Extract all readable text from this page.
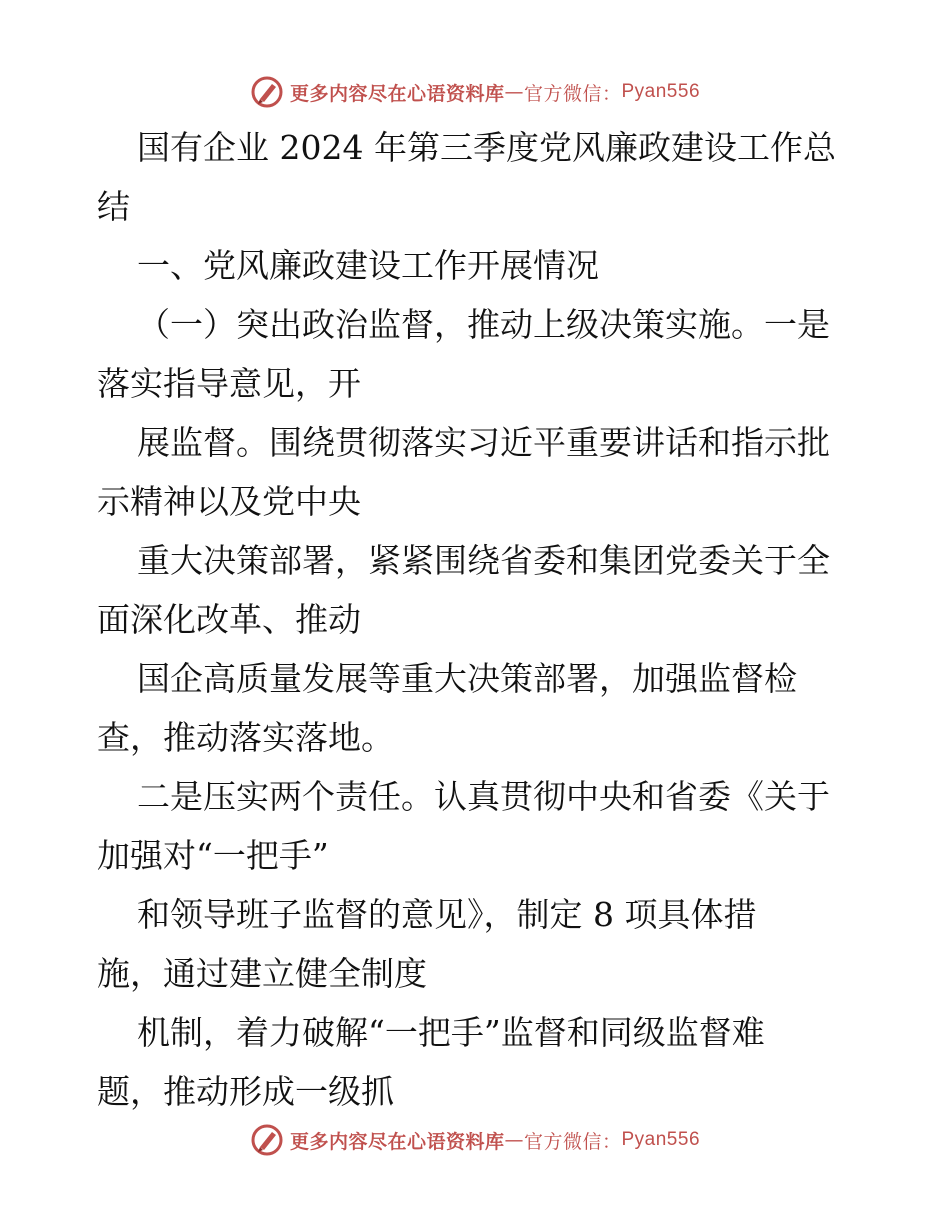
更多内容尽在心语资料库 — 官方微信： Pyan556
国有企业 2024 年第三季度党风廉政建设工作总
结
一、党风廉政建设工作开展情况
（一）突出政治监督，推动上级决策实施。一是
落实指导意见，开
展监督。围绕贯彻落实习近平重要讲话和指示批
示精神以及党中央
重大决策部署，紧紧围绕省委和集团党委关于全
面深化改革、推动
国企高质量发展等重大决策部署，加强监督检
查，推动落实落地。
二是压实两个责任。认真贯彻中央和省委《关于
加强对“一把手”
和领导班子监督的意见》，制定 8 项具体措
施，通过建立健全制度
机制，着力破解“一把手”监督和同级监督难
题，推动形成一级抓
更多内容尽在心语资料库 — 官方微信： Pyan556
